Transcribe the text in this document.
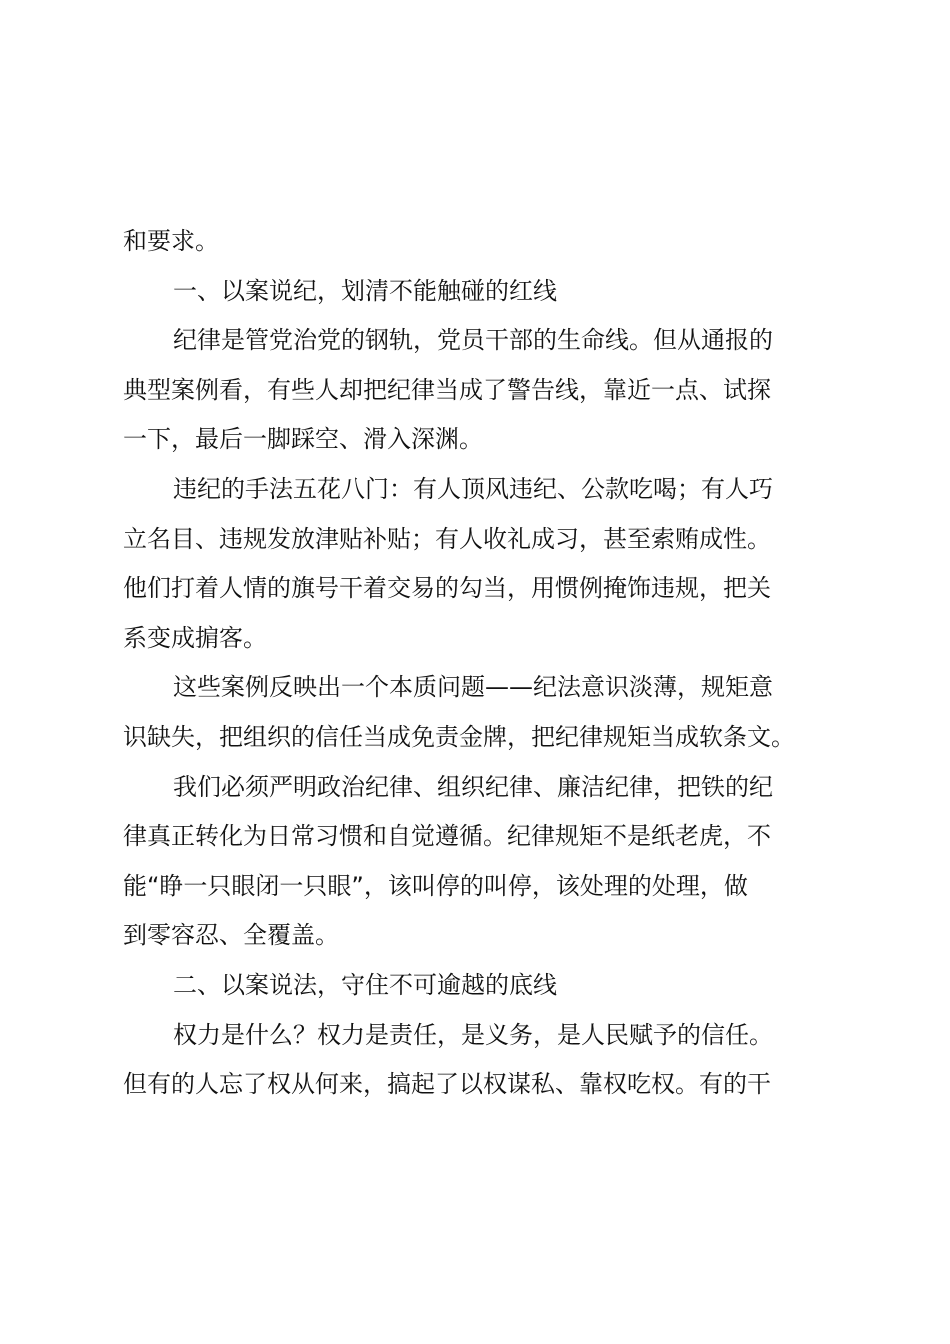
和要求。
一、以案说纪，划清不能触碰的红线
纪律是管党治党的钢轨，党员干部的生命线。但从通报的
典型案例看，有些人却把纪律当成了警告线，靠近一点、试探
一下，最后一脚踩空、滑入深渊。
违纪的手法五花八门：有人顶风违纪、公款吃喝；有人巧
立名目、违规发放津贴补贴；有人收礼成习，甚至索贿成性。
他们打着人情的旗号干着交易的勾当，用惯例掩饰违规，把关
系变成掮客。
这些案例反映出一个本质问题——纪法意识淡薄，规矩意
识缺失，把组织的信任当成免责金牌，把纪律规矩当成软条文。
我们必须严明政治纪律、组织纪律、廉洁纪律，把铁的纪
律真正转化为日常习惯和自觉遵循。纪律规矩不是纸老虎，不
能“睁一只眼闭一只眼”，该叫停的叫停，该处理的处理，做
到零容忍、全覆盖。
二、以案说法，守住不可逾越的底线
权力是什么？权力是责任，是义务，是人民赋予的信任。
但有的人忘了权从何来，搞起了以权谋私、靠权吃权。有的干
